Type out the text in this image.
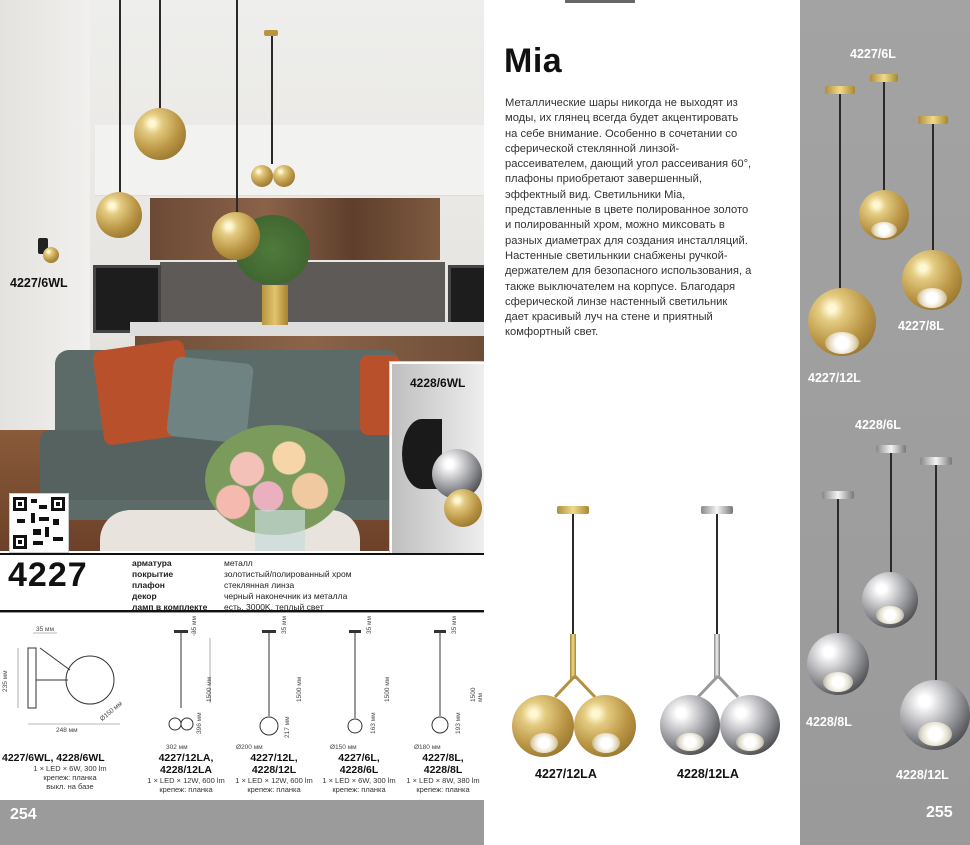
4227/6WL
4228/6WL
4227	арматура	металл
покрытие	золотистый/полированный хром
плафон	стеклянная линза
декор	черный наконечник из металла
ламп в комплекте	есть, 3000K, теплый свет
35 мм
235 мм
Ø150 мм
248 мм
35 мм
1500 мм
396 мм
302 мм
35 мм
1500 мм
217 мм
Ø200 мм
35 мм
1500 мм
163 мм
Ø150 мм
35 мм
1500 мм
193 мм
Ø180 мм
4227/6WL, 4228/6WL
1 × LED × 6W, 300 lm
крепеж: планка
выкл. на базе
4227/12LA, 4228/12LA
1 × LED × 12W, 600 lm
крепеж: планка
4227/12L, 4228/12L
1 × LED × 12W, 600 lm
крепеж: планка
4227/6L, 4228/6L
1 × LED × 6W, 300 lm
крепеж: планка
4227/8L, 4228/8L
1 × LED × 8W, 380 lm
крепеж: планка
254
Mia
Металлические шары никогда не выходят из моды, их глянец всегда будет акцентировать на себе внимание. Особенно в сочетании со сферической стеклянной линзой-рассеивателем, дающий угол рассеивания 60°, плафоны приобретают завершенный, эффектный вид. Светильники Mia, представленные в цвете полированное золото и полированный хром, можно миксовать в разных диаметрах для создания инсталляций. Настенные светильнкии снабжены ручкой-держателем для безопасного использования, а также выключателем на корпусе. Благодаря сферической линзе настенный светильник дает красивый луч на стене и приятный комфортный свет.
4227/12LA	4228/12LA
4227/6L
4227/8L
4227/12L
4228/6L
4228/8L
4228/12L
255
